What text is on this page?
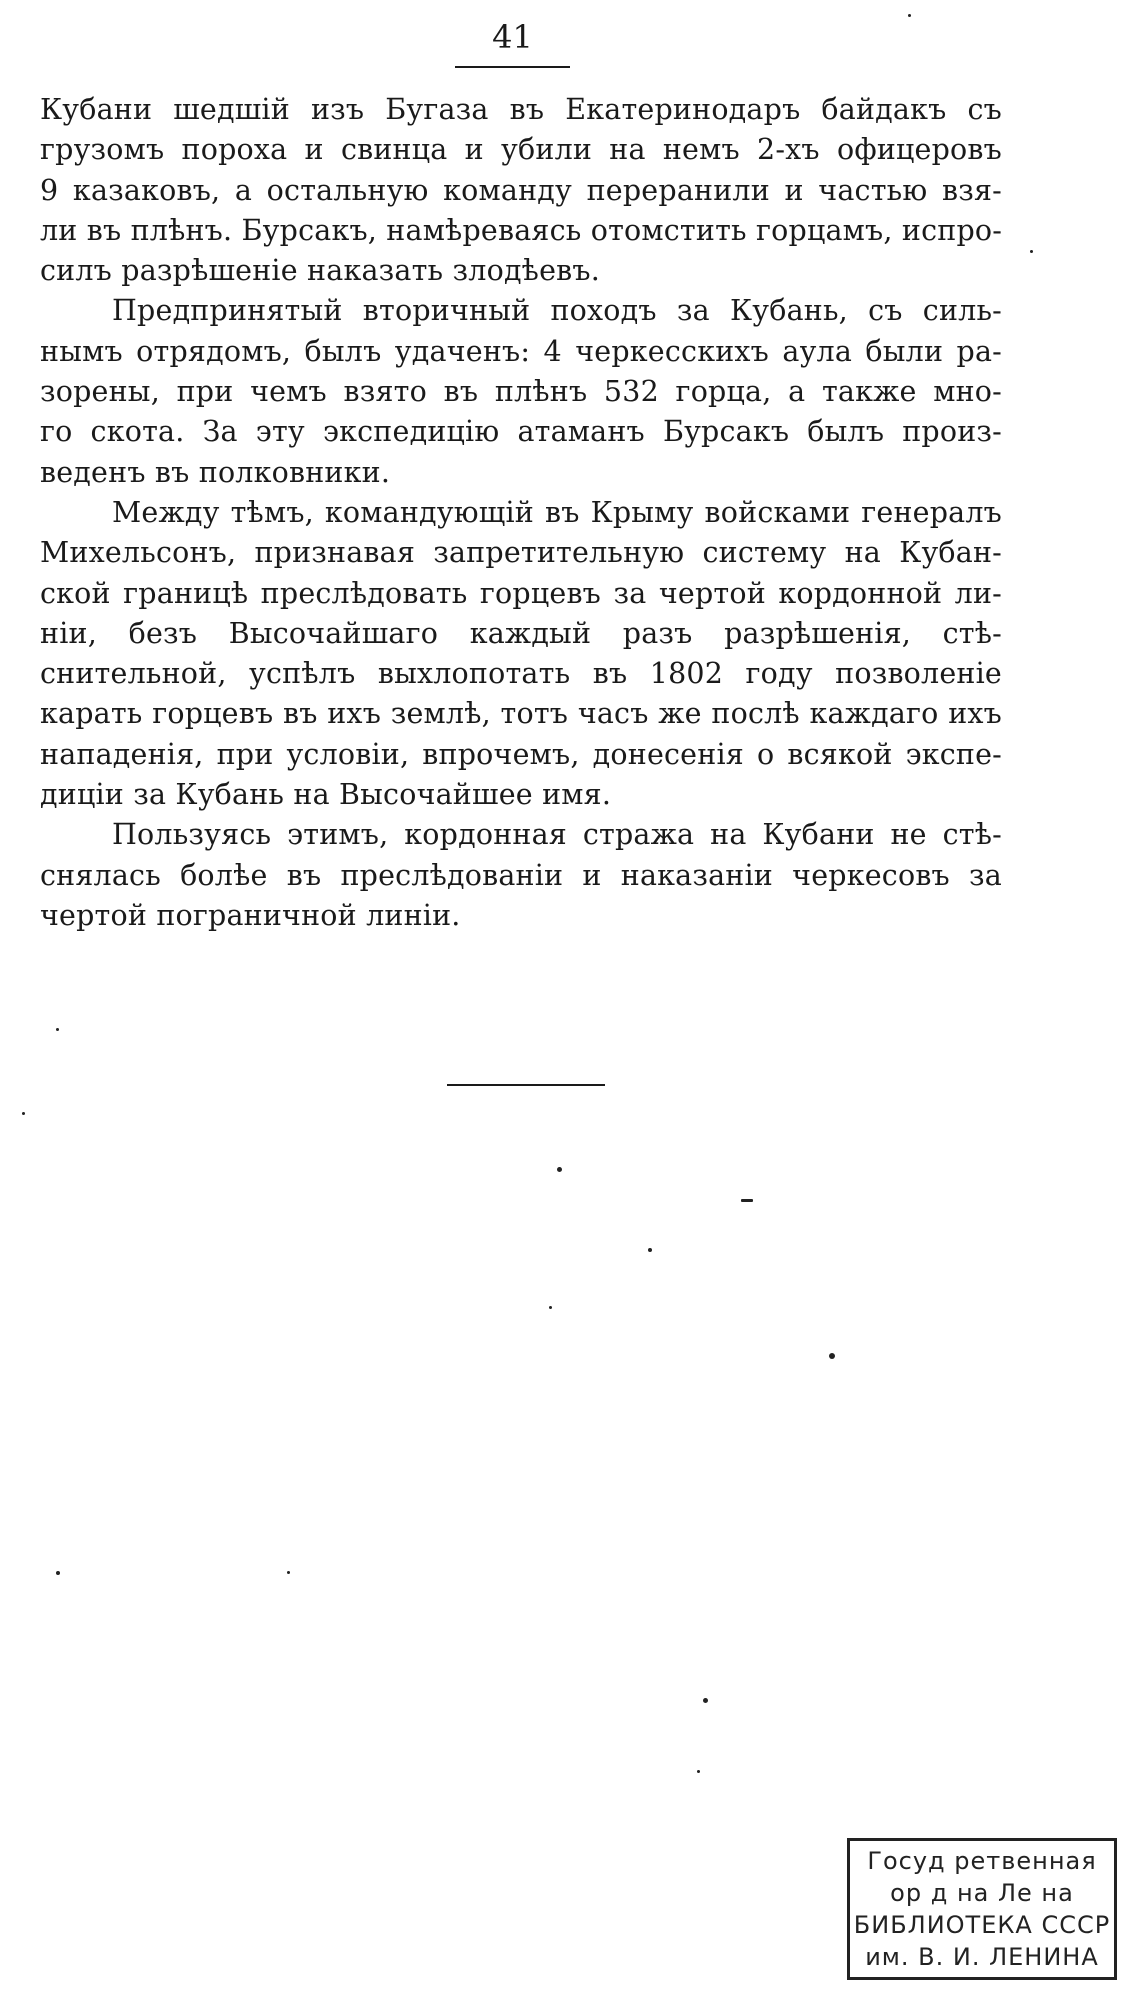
41
Кубани шедшій изъ Бугаза въ Екатеринодаръ байдакъ съ
грузомъ пороха и свинца и убили на немъ 2-хъ офицеровъ
9 казаковъ, а остальную команду переранили и частью взя-
ли въ плѣнъ. Бурсакъ, намѣреваясь отомстить горцамъ, испро-
силъ разрѣшеніе наказать злодѣевъ.
Предпринятый вторичный походъ за Кубань, съ силь-
нымъ отрядомъ, былъ удаченъ: 4 черкесскихъ аула были ра-
зорены, при чемъ взято въ плѣнъ 532 горца, а также мно-
го скота. За эту экспедицію атаманъ Бурсакъ былъ произ-
веденъ въ полковники.
Между тѣмъ, командующій въ Крыму войсками генералъ
Михельсонъ, признавая запретительную систему на Кубан-
ской границѣ преслѣдовать горцевъ за чертой кордонной ли-
ніи, безъ Высочайшаго каждый разъ разрѣшенія, стѣ-
снительной, успѣлъ выхлопотать въ 1802 году позволеніе
карать горцевъ въ ихъ землѣ, тотъ часъ же послѣ каждаго ихъ
нападенія, при условіи, впрочемъ, донесенія о всякой экспе-
диціи за Кубань на Высочайшее имя.
Пользуясь этимъ, кордонная стража на Кубани не стѣ-
снялась болѣе въ преслѣдованіи и наказаніи черкесовъ за
чертой пограничной линіи.
Госуд ретвенная
ор д на Ле на
БИБЛИОТЕКА СССР
им. В. И. ЛЕНИНА
